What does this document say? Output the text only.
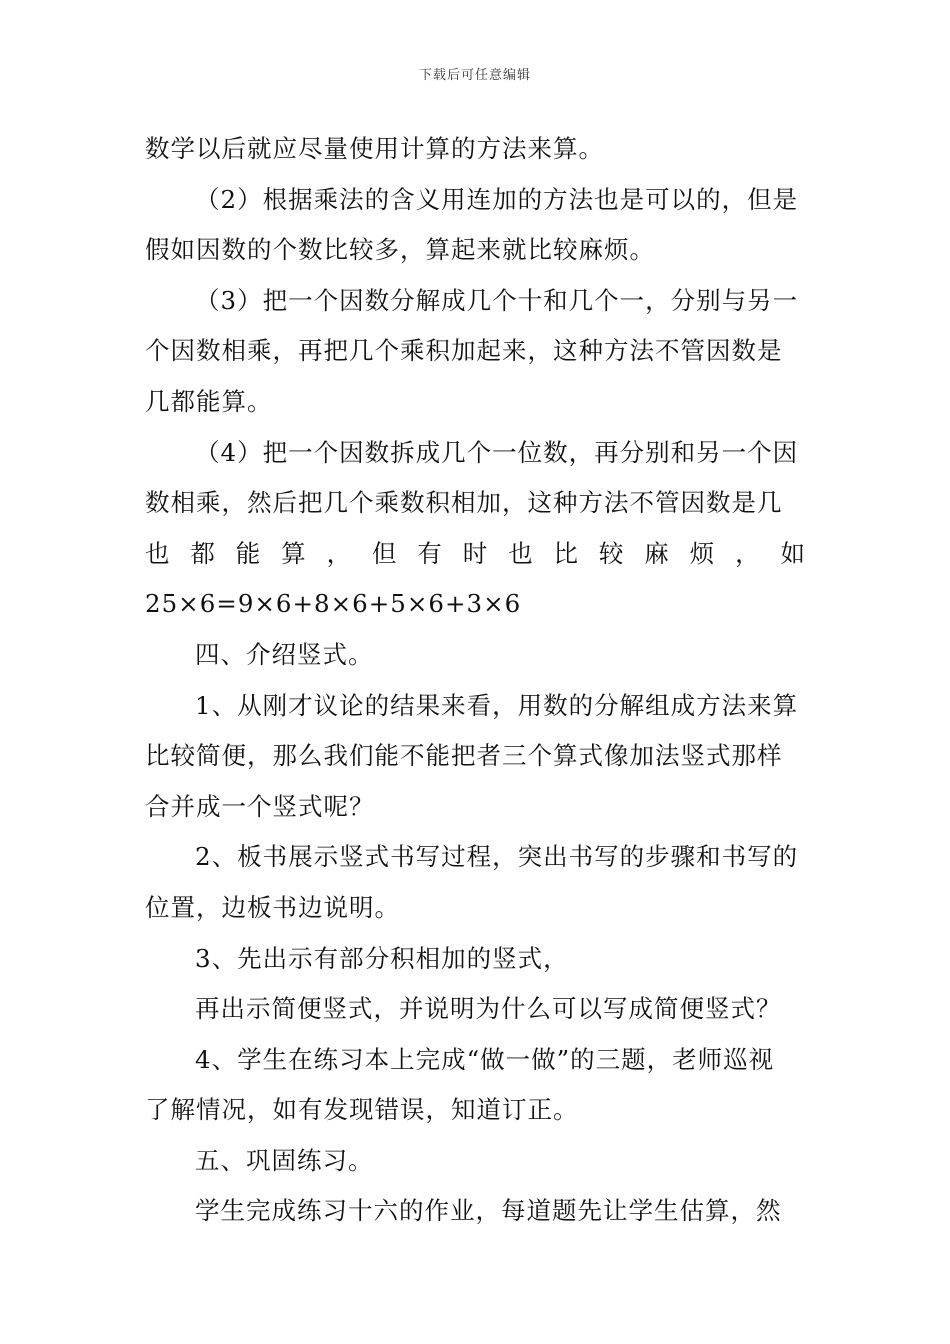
下载后可任意编辑
数学以后就应尽量使用计算的方法来算。
（2）根据乘法的含义用连加的方法也是可以的，但是
假如因数的个数比较多，算起来就比较麻烦。
（3）把一个因数分解成几个十和几个一，分别与另一
个因数相乘，再把几个乘积加起来，这种方法不管因数是
几都能算。
（4）把一个因数拆成几个一位数，再分别和另一个因
数相乘，然后把几个乘数积相加，这种方法不管因数是几
也 都 能 算 ， 但 有 时 也 比 较 麻 烦 ， 如
25×6=9×6+8×6+5×6+3×6
四、介绍竖式。
1、从刚才议论的结果来看，用数的分解组成方法来算
比较简便，那么我们能不能把者三个算式像加法竖式那样
合并成一个竖式呢？
2、板书展示竖式书写过程，突出书写的步骤和书写的
位置，边板书边说明。
3、先出示有部分积相加的竖式，
再出示简便竖式，并说明为什么可以写成简便竖式？
4、学生在练习本上完成“做一做”的三题，老师巡视
了解情况，如有发现错误，知道订正。
五、巩固练习。
学生完成练习十六的作业，每道题先让学生估算，然
